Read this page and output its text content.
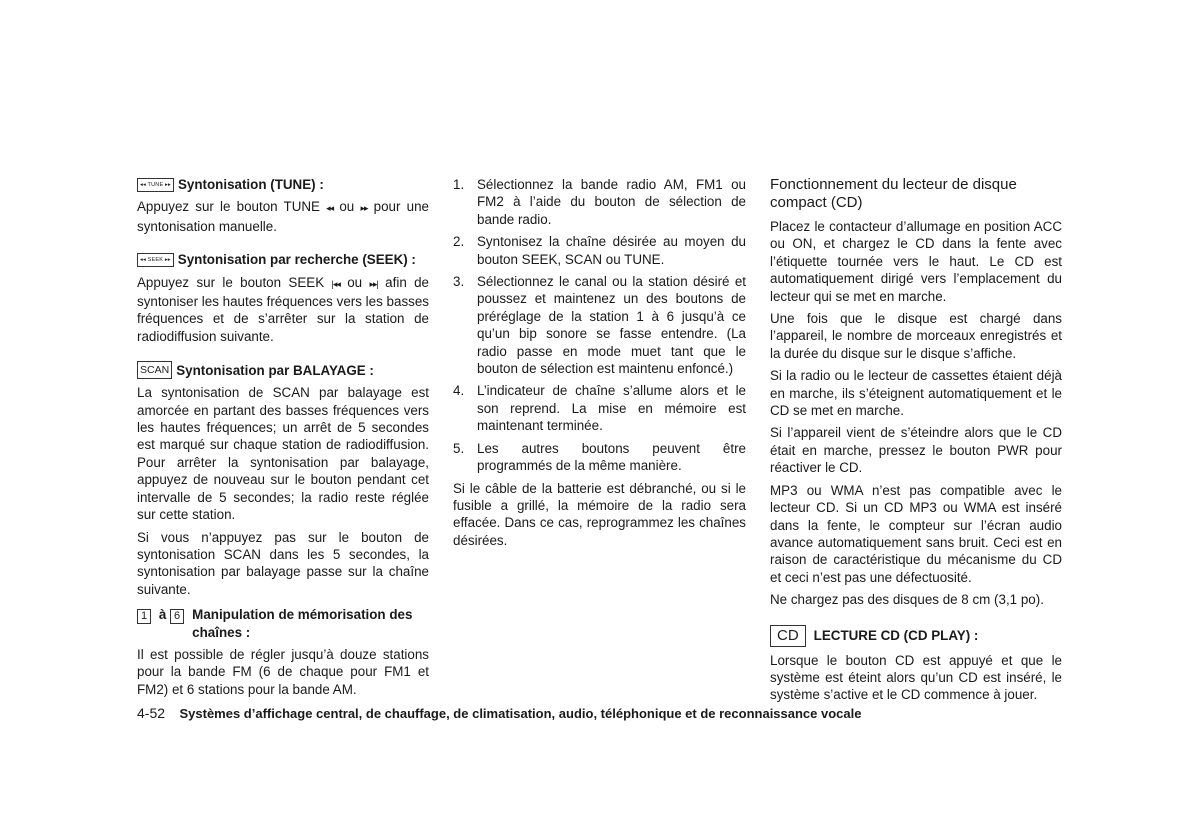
◂◂ TUNE ▸▸ Syntonisation (TUNE) :

Appuyez sur le bouton TUNE ◂◂ ou ▸▸ pour une syntonisation manuelle.

◂◂ SEEK ▸▸ Syntonisation par recherche (SEEK) :

Appuyez sur le bouton SEEK |◂◂ ou ▸▸| afin de syntoniser les hautes fréquences vers les basses fréquences et de s’arrêter sur la station de radiodiffusion suivante.

SCAN Syntonisation par BALAYAGE :

La syntonisation de SCAN par balayage est amorcée en partant des basses fréquences vers les hautes fréquences; un arrêt de 5 secondes est marqué sur chaque station de radiodiffusion. Pour arrêter la syntonisation par balayage, appuyez de nouveau sur le bouton pendant cet intervalle de 5 secondes; la radio reste réglée sur cette station.

Si vous n’appuyez pas sur le bouton de syntonisation SCAN dans les 5 secondes, la syntonisation par balayage passe sur la chaîne suivante.

1 à 6 Manipulation de mémorisation des chaînes :

Il est possible de régler jusqu’à douze stations pour la bande FM (6 de chaque pour FM1 et FM2) et 6 stations pour la bande AM.

1. Sélectionnez la bande radio AM, FM1 ou FM2 à l’aide du bouton de sélection de bande radio.
2. Syntonisez la chaîne désirée au moyen du bouton SEEK, SCAN ou TUNE.
3. Sélectionnez le canal ou la station désiré et poussez et maintenez un des boutons de préréglage de la station 1 à 6 jusqu’à ce qu’un bip sonore se fasse entendre. (La radio passe en mode muet tant que le bouton de sélection est maintenu enfoncé.)
4. L’indicateur de chaîne s’allume alors et le son reprend. La mise en mémoire est maintenant terminée.
5. Les autres boutons peuvent être programmés de la même manière.

Si le câble de la batterie est débranché, ou si le fusible a grillé, la mémoire de la radio sera effacée. Dans ce cas, reprogrammez les chaînes désirées.

Fonctionnement du lecteur de disque compact (CD)

Placez le contacteur d’allumage en position ACC ou ON, et chargez le CD dans la fente avec l’étiquette tournée vers le haut. Le CD est automatiquement dirigé vers l’emplacement du lecteur qui se met en marche.

Une fois que le disque est chargé dans l’appareil, le nombre de morceaux enregistrés et la durée du disque sur le disque s’affiche.

Si la radio ou le lecteur de cassettes étaient déjà en marche, ils s’éteignent automatiquement et le CD se met en marche.

Si l’appareil vient de s’éteindre alors que le CD était en marche, pressez le bouton PWR pour réactiver le CD.

MP3 ou WMA n’est pas compatible avec le lecteur CD. Si un CD MP3 ou WMA est inséré dans la fente, le compteur sur l’écran audio avance automatiquement sans bruit. Ceci est en raison de caractéristique du mécanisme du CD et ceci n’est pas une défectuosité.

Ne chargez pas des disques de 8 cm (3,1 po).

CD	LECTURE CD (CD PLAY) :

Lorsque le bouton CD est appuyé et que le système est éteint alors qu’un CD est inséré, le système s’active et le CD commence à jouer.

4-52 Systèmes d’affichage central, de chauffage, de climatisation, audio, téléphonique et de reconnaissance vocale
